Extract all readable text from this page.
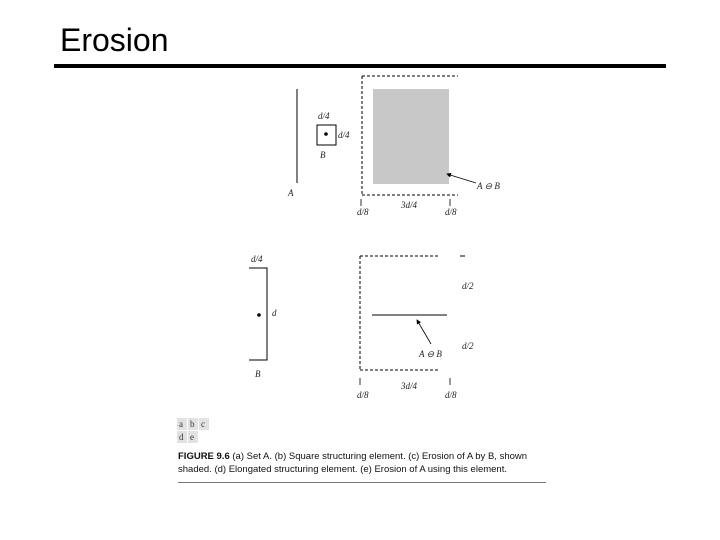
Erosion
A
d/4
d/4
B
A ⊖ B
d/8
3d/4
d/8
d/4
d
B
d/2
d/2
A ⊖ B
d/8
3d/4
d/8
a b c
d e
FIGURE 9.6 (a) Set A. (b) Square structuring element. (c) Erosion of A by B, shown shaded. (d) Elongated structuring element. (e) Erosion of A using this element.
